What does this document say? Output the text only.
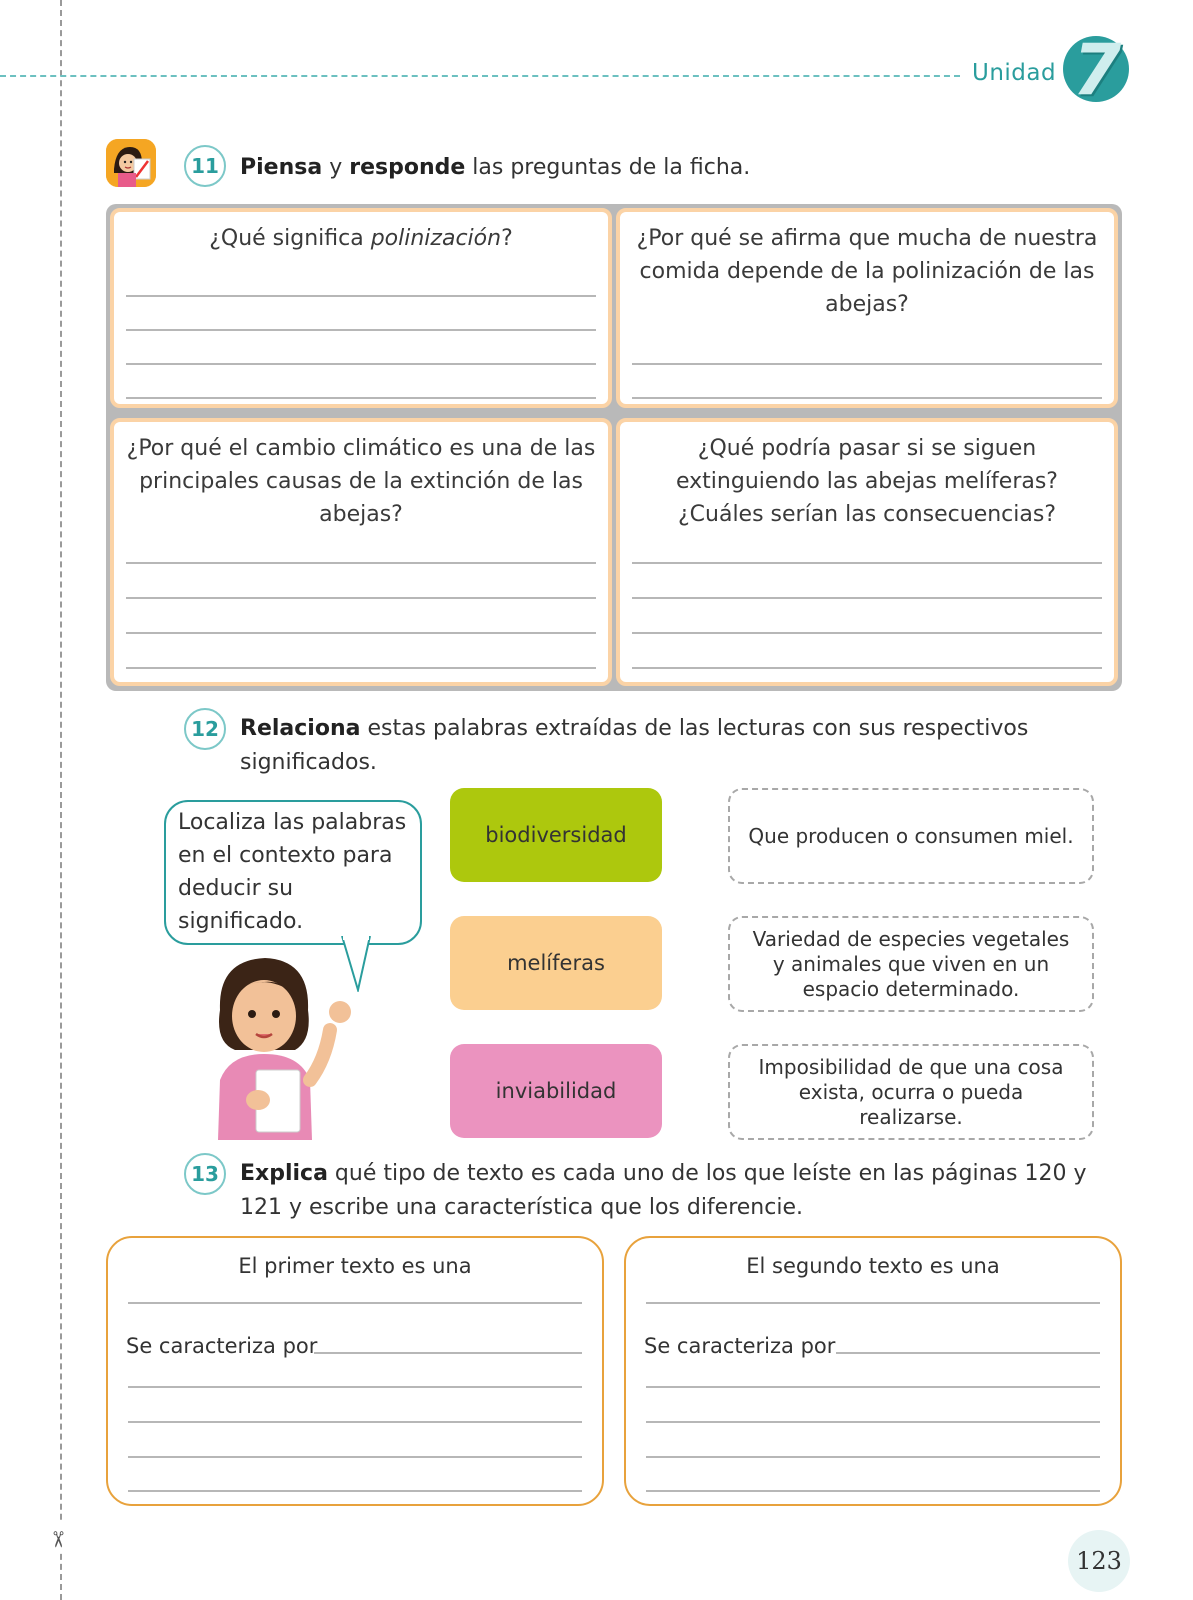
✂
Unidad 7
11 Piensa y responde las preguntas de la ficha.
¿Qué significa polinización?	¿Por qué se afirma que mucha de nuestra comida depende de la polinización de las abejas?
¿Por qué el cambio climático es una de las principales causas de la extinción de las abejas?
¿Qué podría pasar si se siguen extinguiendo las abejas melíferas? ¿Cuáles serían las consecuencias?
12 Relaciona estas palabras extraídas de las lecturas con sus respectivos significados.
Localiza las palabras en el contexto para deducir su significado.
biodiversidad
melíferas
inviabilidad
Que producen o consumen miel.
Variedad de especies vegetales y animales que viven en un espacio determinado.
Imposibilidad de que una cosa exista, ocurra o pueda realizarse.
13 Explica qué tipo de texto es cada uno de los que leíste en las páginas 120 y 121 y escribe una característica que los diferencie.
El primer texto es una
Se caracteriza por
El segundo texto es una
Se caracteriza por
123
